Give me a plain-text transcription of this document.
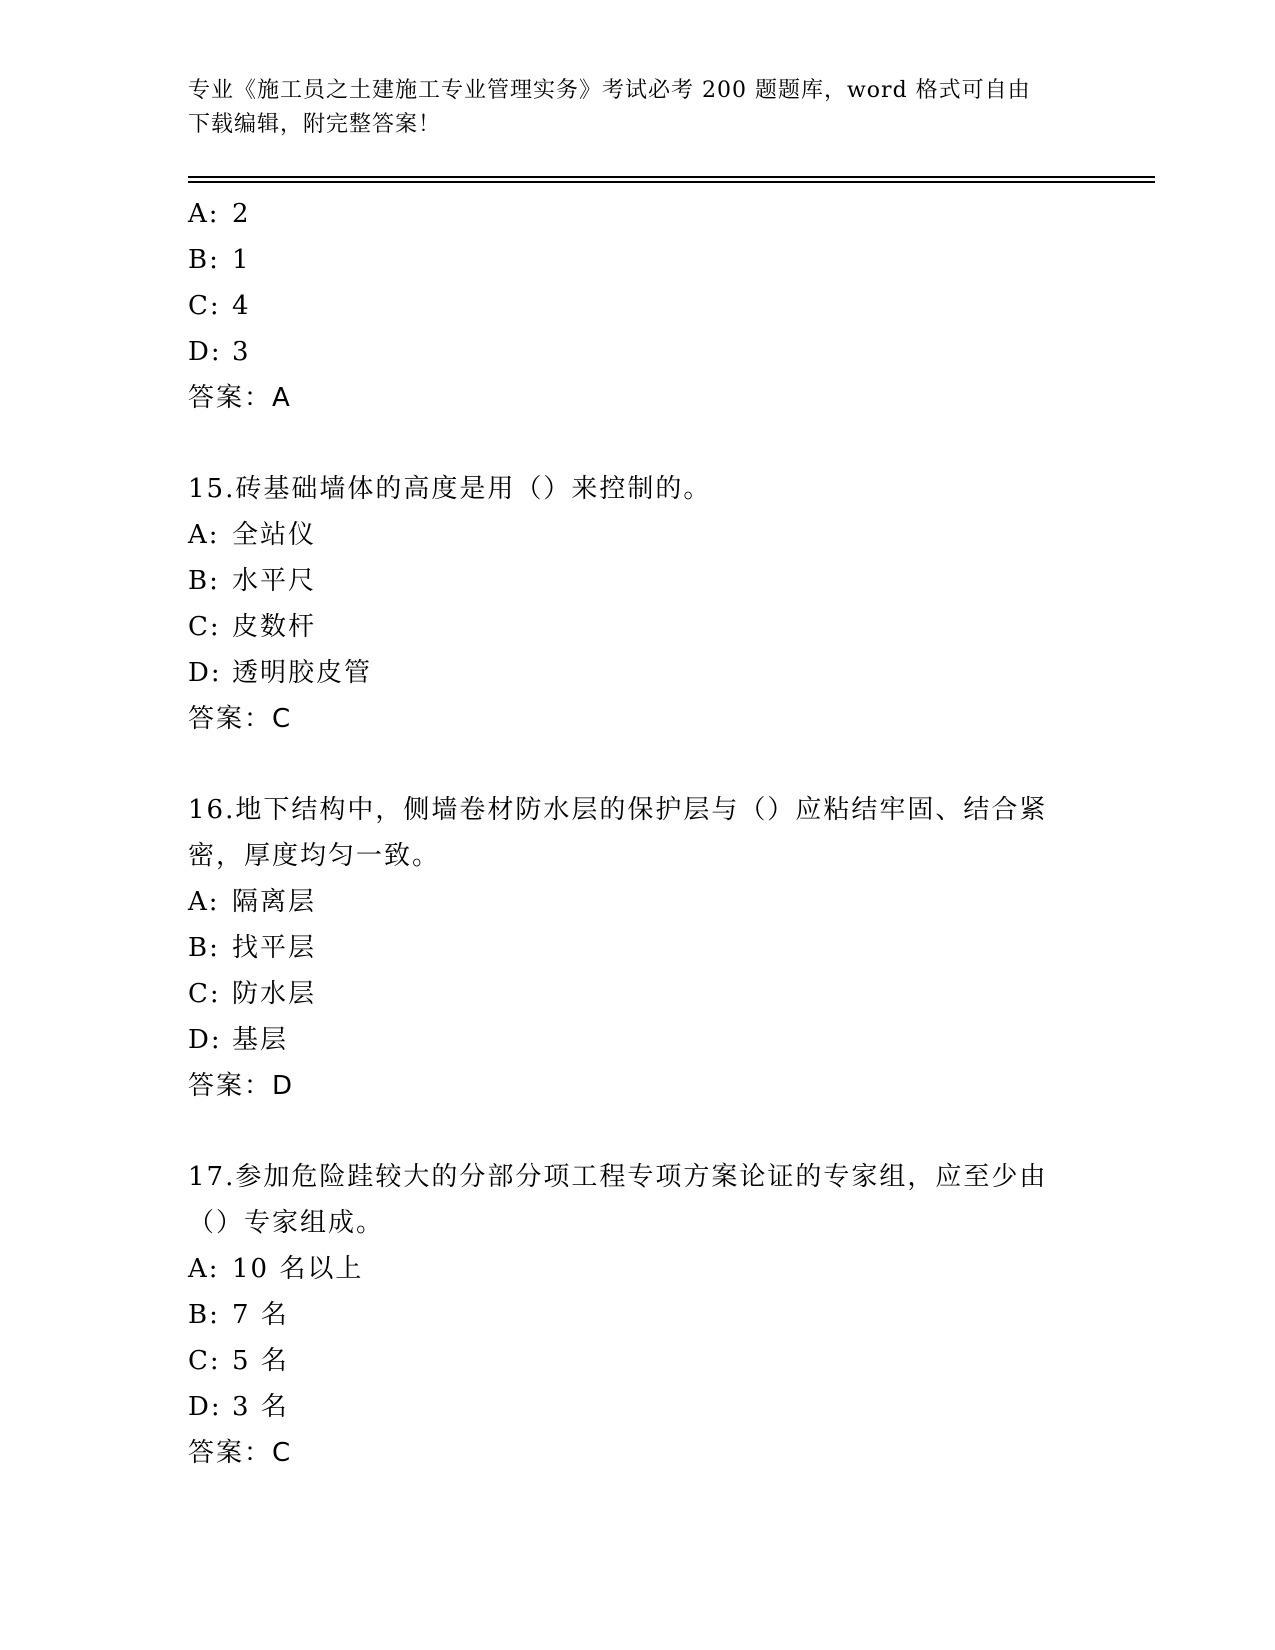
专业《施工员之土建施工专业管理实务》考试必考 200 题题库，word 格式可自由
下载编辑，附完整答案！

A: 2

B: 1

C: 4

D: 3

答案：A

15.砖基础墙体的高度是用（）来控制的。

A: 全站仪

B: 水平尺

C: 皮数杆

D: 透明胶皮管

答案：C

16.地下结构中，侧墙卷材防水层的保护层与（）应粘结牢固、结合紧

密，厚度均匀一致。

A: 隔离层

B: 找平层

C: 防水层

D: 基层

答案：D

17.参加危险跬较大的分部分项工程专项方案论证的专家组，应至少由

（）专家组成。

A: 10 名以上

B: 7 名

C: 5 名

D: 3 名

答案：C
